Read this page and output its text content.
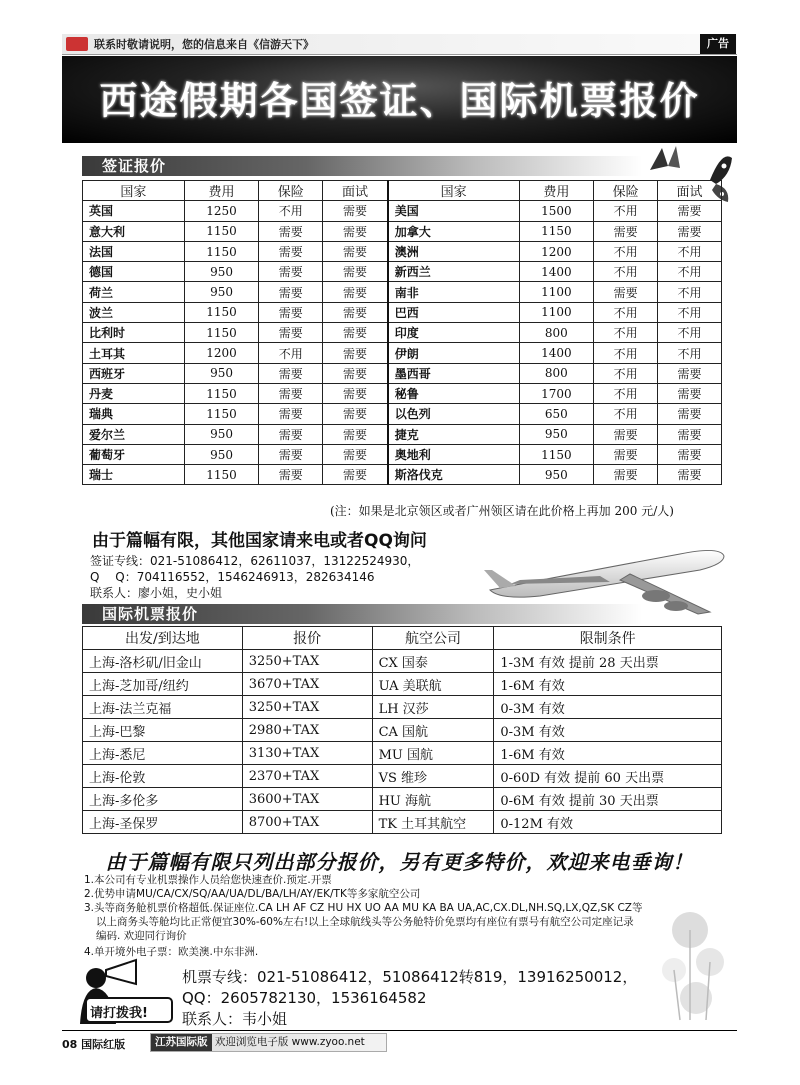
联系时敬请说明，您的信息来自《信游天下》	广告
西途假期各国签证、国际机票报价
签证报价
国家	费用	保险	面试	国家	费用	保险	面试
英国	1250	不用	需要	美国	1500	不用	需要
意大利	1150	需要	需要	加拿大	1150	需要	需要
法国	1150	需要	需要	澳洲	1200	不用	不用
德国	950	需要	需要	新西兰	1400	不用	不用
荷兰	950	需要	需要	南非	1100	需要	不用
波兰	1150	需要	需要	巴西	1100	不用	不用
比利时	1150	需要	需要	印度	800	不用	不用
土耳其	1200	不用	需要	伊朗	1400	不用	不用
西班牙	950	需要	需要	墨西哥	800	不用	需要
丹麦	1150	需要	需要	秘鲁	1700	不用	需要
瑞典	1150	需要	需要	以色列	650	不用	需要
爱尔兰	950	需要	需要	捷克	950	需要	需要
葡萄牙	950	需要	需要	奥地利	1150	需要	需要
瑞士	1150	需要	需要	斯洛伐克	950	需要	需要
(注：如果是北京领区或者广州领区请在此价格上再加 200 元/人)
由于篇幅有限，其他国家请来电或者QQ询问
签证专线：021-51086412，62611037，13122524930，
Q　 Q：704116552，1546246913，282634146
联系人：廖小姐，史小姐
国际机票报价
出发/到达地	报价	航空公司	限制条件
上海-洛杉矶/旧金山	3250+TAX	CX 国泰	1-3M 有效 提前 28 天出票
上海-芝加哥/纽约	3670+TAX	UA 美联航	1-6M 有效
上海-法兰克福	3250+TAX	LH 汉莎	0-3M 有效
上海-巴黎	2980+TAX	CA 国航	0-3M 有效
上海-悉尼	3130+TAX	MU 国航	1-6M 有效
上海-伦敦	2370+TAX	VS 维珍	0-60D 有效 提前 60 天出票
上海-多伦多	3600+TAX	HU 海航	0-6M 有效 提前 30 天出票
上海-圣保罗	8700+TAX	TK 土耳其航空	0-12M 有效
由于篇幅有限只列出部分报价，另有更多特价，欢迎来电垂询！
1.本公司有专业机票操作人员给您快速查价.预定.开票
2.优势申请MU/CA/CX/SQ/AA/UA/DL/BA/LH/AY/EK/TK等多家航空公司
3.头等商务舱机票价格超低.保证座位.CA LH AF CZ HU HX UO AA MU KA BA UA,AC,CX.DL,NH.SQ,LX,QZ,SK CZ等
以上商务头等舱均比正常便宜30%-60%左右!以上全球航线头等公务舱特价免票均有座位有票号有航空公司定座记录
编码. 欢迎同行询价
4.单开境外电子票：欧美澳.中东非洲.
请打拨我!
机票专线：021-51086412，51086412转819，13916250012，
QQ：2605782130，1536164582
联系人：韦小姐
08 国际红版	江苏国际版 欢迎浏览电子版 www.zyoo.net
